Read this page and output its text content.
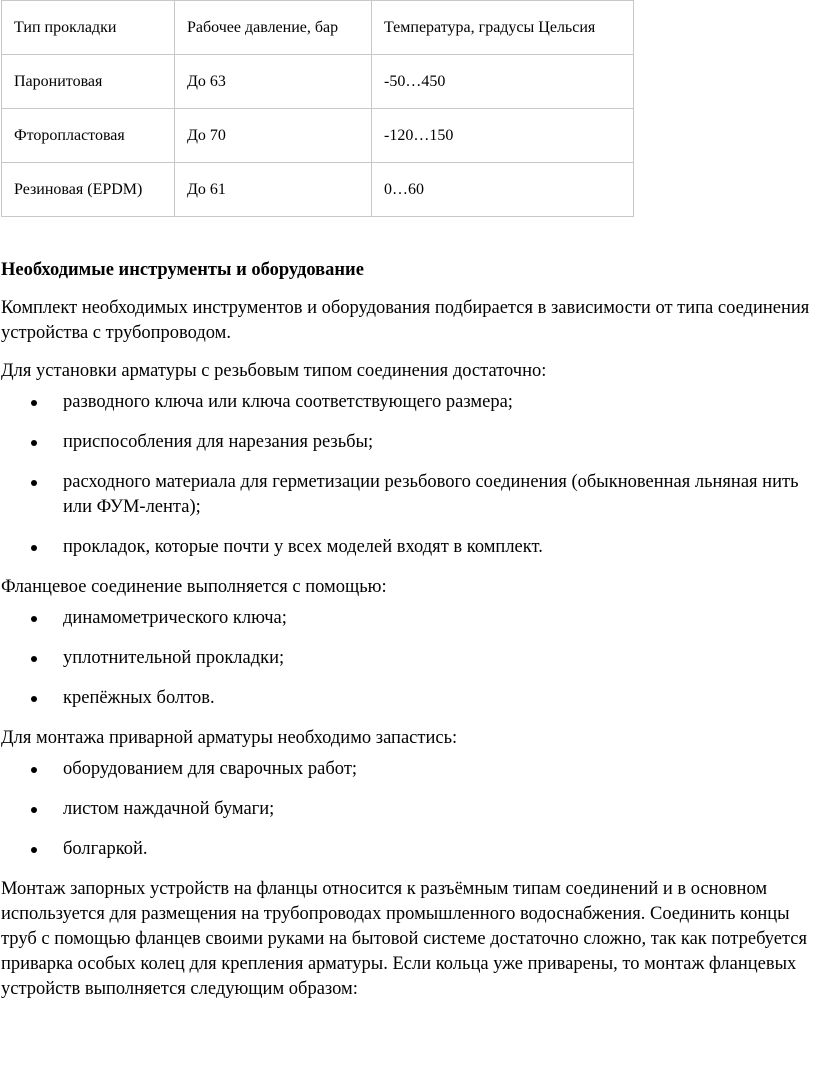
Тип прокладки	Рабочее давление, бар	Температура, градусы Цельсия
Паронитовая	До 63	-50…450
Фторопластовая	До 70	-120…150
Резиновая (EPDM)	До 61	0…60
Необходимые инструменты и оборудование

Комплект необходимых инструментов и оборудования подбирается в зависимости от типа соединения устройства с трубопроводом.

Для установки арматуры с резьбовым типом соединения достаточно:

разводного ключа или ключа соответствующего размера;
приспособления для нарезания резьбы;
расходного материала для герметизации резьбового соединения (обыкновенная льняная нить или ФУМ-лента);
прокладок, которые почти у всех моделей входят в комплект.

Фланцевое соединение выполняется с помощью:

динамометрического ключа;
уплотнительной прокладки;
крепёжных болтов.

Для монтажа приварной арматуры необходимо запастись:

оборудованием для сварочных работ;
листом наждачной бумаги;
болгаркой.

Монтаж запорных устройств на фланцы относится к разъёмным типам соединений и в основном используется для размещения на трубопроводах промышленного водоснабжения. Соединить концы труб с помощью фланцев своими руками на бытовой системе достаточно сложно, так как потребуется приварка особых колец для крепления арматуры. Если кольца уже приварены, то монтаж фланцевых устройств выполняется следующим образом:
